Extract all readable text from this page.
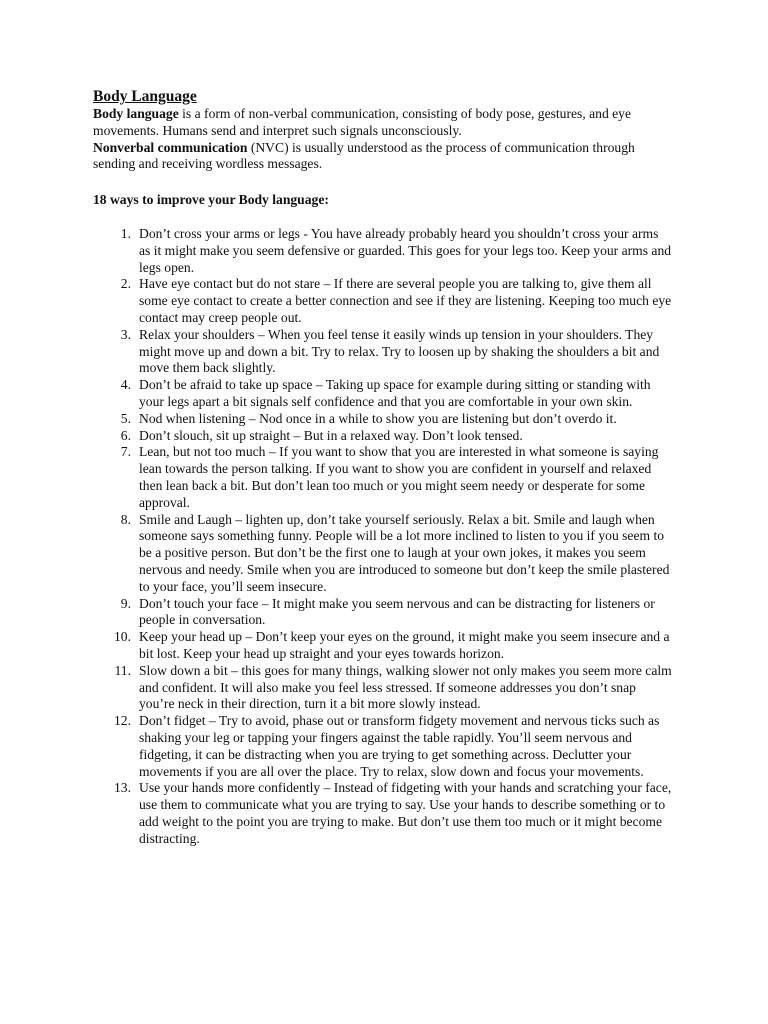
Body Language

Body language is a form of non-verbal communication, consisting of body pose, gestures, and eye movements. Humans send and interpret such signals unconsciously.

Nonverbal communication (NVC) is usually understood as the process of communication through sending and receiving wordless messages.

18 ways to improve your Body language:

1. Don’t cross your arms or legs - You have already probably heard you shouldn’t cross your arms as it might make you seem defensive or guarded. This goes for your legs too. Keep your arms and legs open.
2. Have eye contact but do not stare – If there are several people you are talking to, give them all some eye contact to create a better connection and see if they are listening. Keeping too much eye contact may creep people out.
3. Relax your shoulders – When you feel tense it easily winds up tension in your shoulders. They might move up and down a bit. Try to relax. Try to loosen up by shaking the shoulders a bit and move them back slightly.
4. Don’t be afraid to take up space – Taking up space for example during sitting or standing with your legs apart a bit signals self confidence and that you are comfortable in your own skin.
5. Nod when listening – Nod once in a while to show you are listening but don’t overdo it.
6. Don’t slouch, sit up straight – But in a relaxed way. Don’t look tensed.
7. Lean, but not too much – If you want to show that you are interested in what someone is saying lean towards the person talking. If you want to show you are confident in yourself and relaxed then lean back a bit. But don’t lean too much or you might seem needy or desperate for some approval.
8. Smile and Laugh – lighten up, don’t take yourself seriously. Relax a bit. Smile and laugh when someone says something funny. People will be a lot more inclined to listen to you if you seem to be a positive person. But don’t be the first one to laugh at your own jokes, it makes you seem nervous and needy. Smile when you are introduced to someone but don’t keep the smile plastered to your face, you’ll seem insecure.
9. Don’t touch your face – It might make you seem nervous and can be distracting for listeners or people in conversation.
10. Keep your head up – Don’t keep your eyes on the ground, it might make you seem insecure and a bit lost. Keep your head up straight and your eyes towards horizon.
11. Slow down a bit – this goes for many things, walking slower not only makes you seem more calm and confident. It will also make you feel less stressed. If someone addresses you don’t snap you’re neck in their direction, turn it a bit more slowly instead.
12. Don’t fidget – Try to avoid, phase out or transform fidgety movement and nervous ticks such as shaking your leg or tapping your fingers against the table rapidly. You’ll seem nervous and fidgeting, it can be distracting when you are trying to get something across. Declutter your movements if you are all over the place. Try to relax, slow down and focus your movements.
13. Use your hands more confidently – Instead of fidgeting with your hands and scratching your face, use them to communicate what you are trying to say. Use your hands to describe something or to add weight to the point you are trying to make. But don’t use them too much or it might become distracting.
